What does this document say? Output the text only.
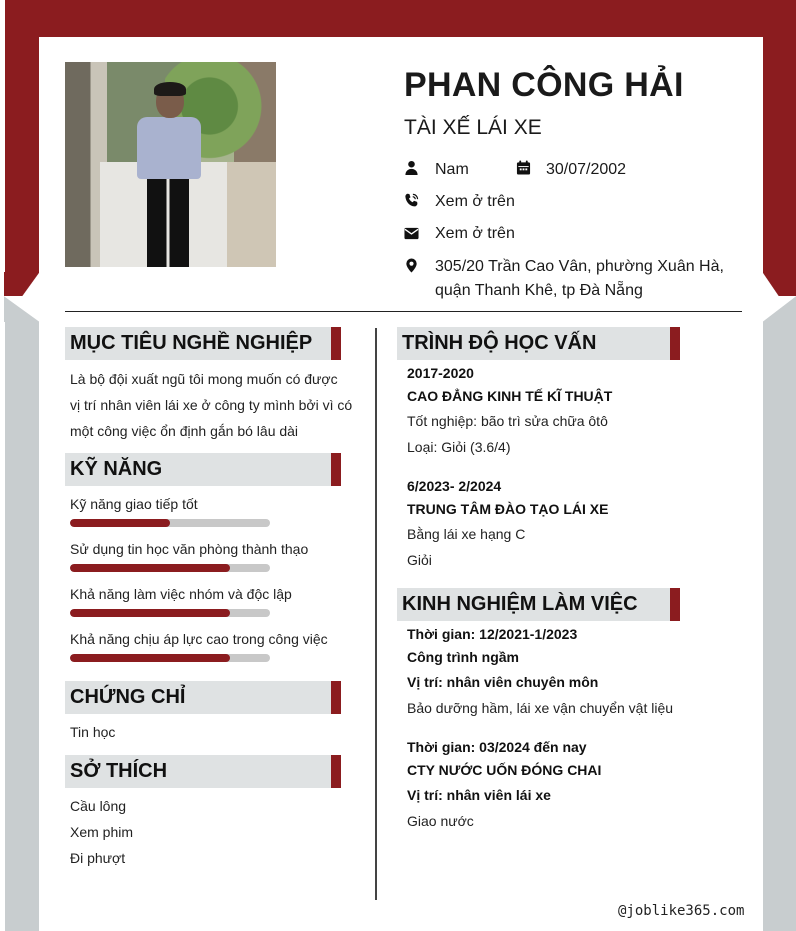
PHAN CÔNG HẢI
TÀI XẾ LÁI XE
Nam	30/07/2002
Xem ở trên
Xem ở trên
305/20 Trần Cao Vân, phường Xuân Hà,
quận Thanh Khê, tp Đà Nẵng
MỤC TIÊU NGHỀ NGHIỆP
Là bộ đội xuất ngũ tôi mong muốn có được
vị trí nhân viên lái xe ở công ty mình bởi vì có
một công việc ổn định gắn bó lâu dài
KỸ NĂNG
Kỹ năng giao tiếp tốt
Sử dụng tin học văn phòng thành thạo
Khả năng làm việc nhóm và độc lập
Khả năng chịu áp lực cao trong công việc
CHỨNG CHỈ
Tin học
SỞ THÍCH
Cầu lông
Xem phim
Đi phượt
TRÌNH ĐỘ HỌC VẤN
2017-2020
CAO ĐẲNG KINH TẾ KĨ THUẬT
Tốt nghiệp: bão trì sửa chữa ôtô
Loại: Giỏi (3.6/4)
6/2023- 2/2024
TRUNG TÂM ĐÀO TẠO LÁI XE
Bằng lái xe hạng C
Giỏi
KINH NGHIỆM LÀM VIỆC
Thời gian: 12/2021-1/2023
Công trình ngầm
Vị trí: nhân viên chuyên môn
Bảo dưỡng hầm, lái xe vận chuyển vật liệu
Thời gian: 03/2024 đến nay
CTY NƯỚC UỐN ĐÓNG CHAI
Vị trí: nhân viên lái xe
Giao nước
@joblike365.com
